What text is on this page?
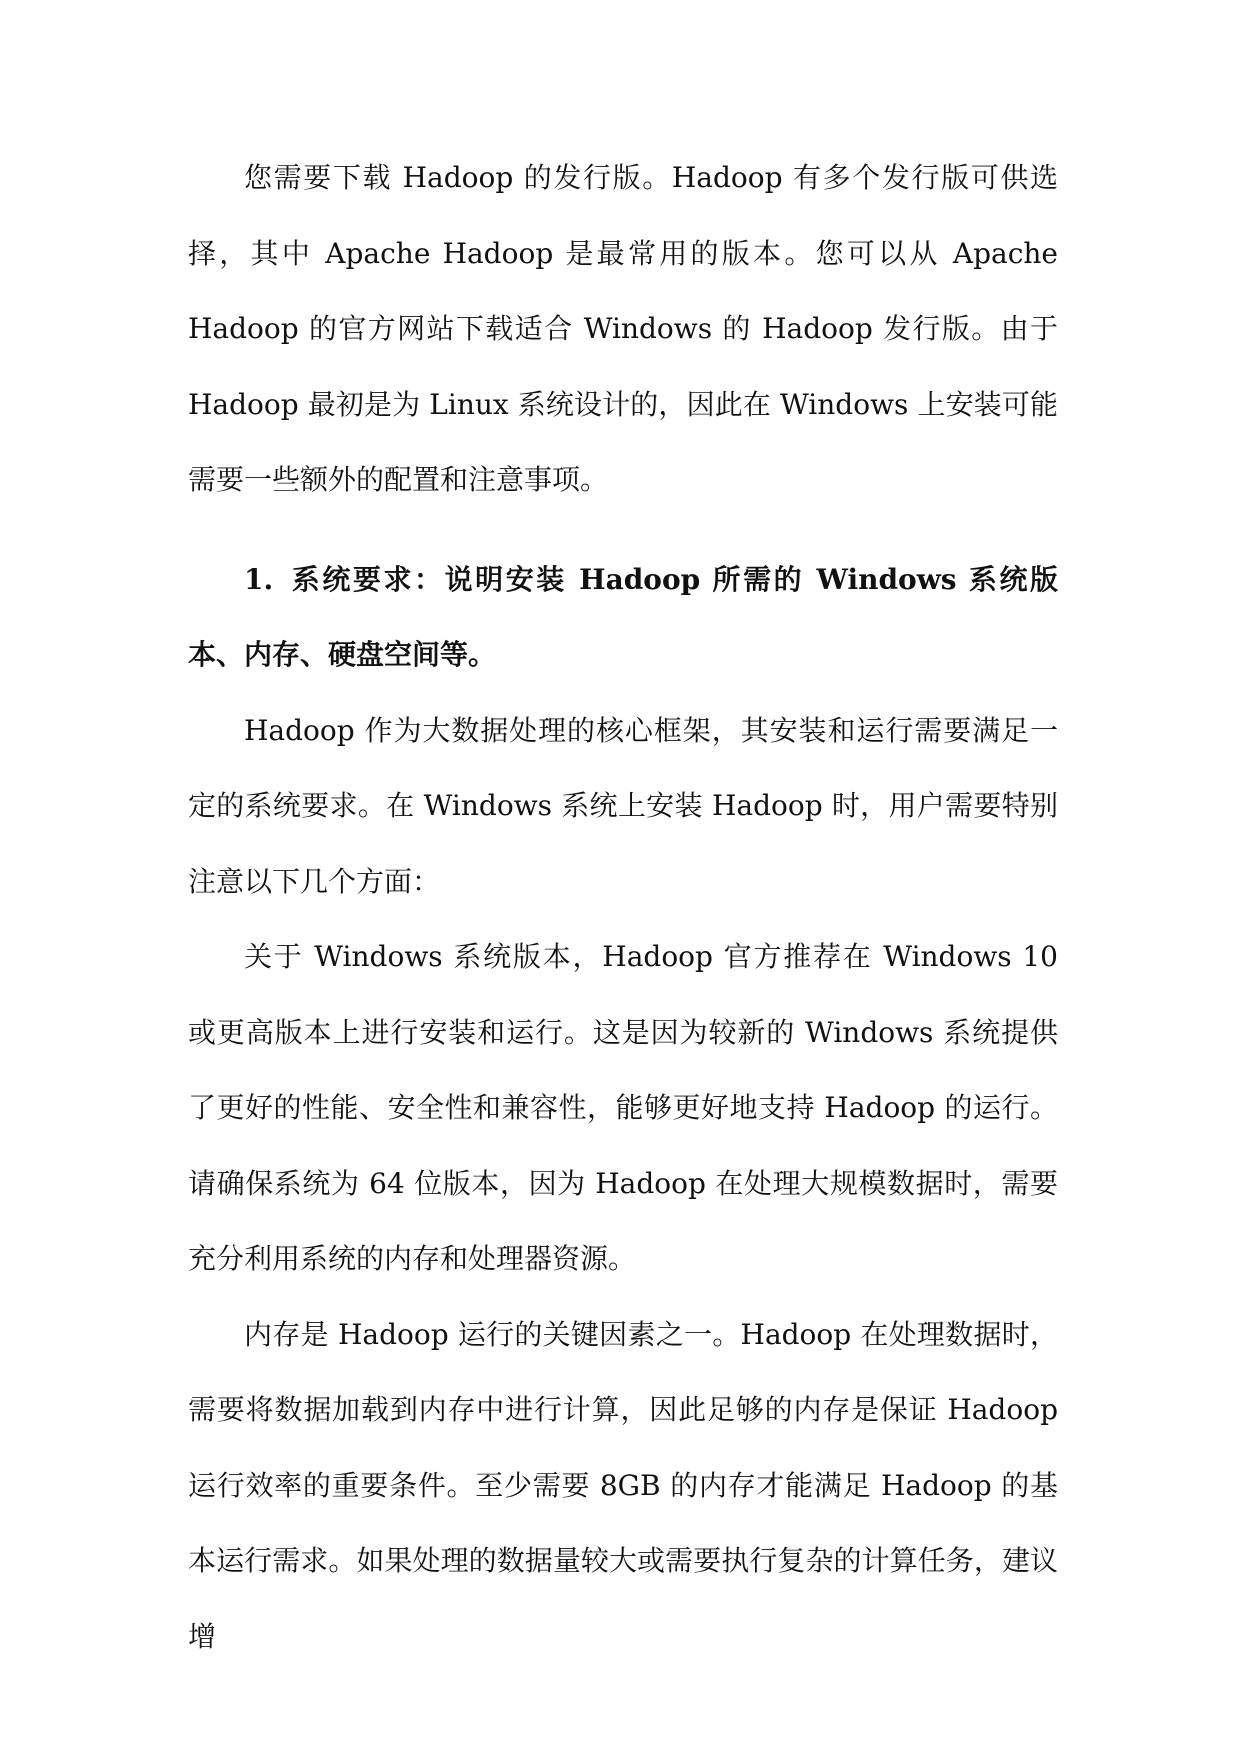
您需要下载 Hadoop 的发行版。Hadoop 有多个发行版可供选择，其中 Apache Hadoop 是最常用的版本。您可以从 Apache Hadoop 的官方网站下载适合 Windows 的 Hadoop 发行版。由于 Hadoop 最初是为 Linux 系统设计的，因此在 Windows 上安装可能需要一些额外的配置和注意事项。

1. 系统要求：说明安装 Hadoop 所需的 Windows 系统版本、内存、硬盘空间等。

Hadoop 作为大数据处理的核心框架，其安装和运行需要满足一定的系统要求。在 Windows 系统上安装 Hadoop 时，用户需要特别注意以下几个方面：

关于 Windows 系统版本，Hadoop 官方推荐在 Windows 10 或更高版本上进行安装和运行。这是因为较新的 Windows 系统提供了更好的性能、安全性和兼容性，能够更好地支持 Hadoop 的运行。请确保系统为 64 位版本，因为 Hadoop 在处理大规模数据时，需要充分利用系统的内存和处理器资源。

内存是 Hadoop 运行的关键因素之一。Hadoop 在处理数据时，需要将数据加载到内存中进行计算，因此足够的内存是保证 Hadoop 运行效率的重要条件。至少需要 8GB 的内存才能满足 Hadoop 的基本运行需求。如果处理的数据量较大或需要执行复杂的计算任务，建议增
